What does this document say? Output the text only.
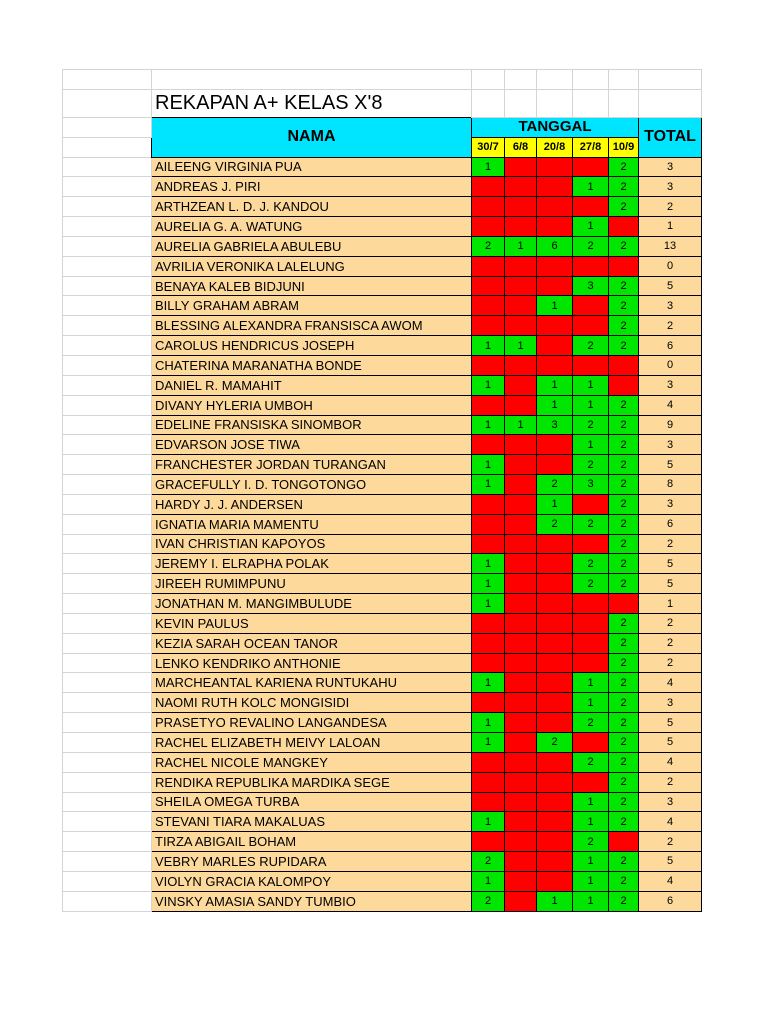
	REKAPAN A+ KELAS X'8						
	NAMA	TANGGAL					TOTAL
		30/7	6/8	20/8	27/8	10/9	
	AILEENG VIRGINIA PUA	1				2	3
	ANDREAS J. PIRI				1	2	3
	ARTHZEAN L. D. J. KANDOU					2	2
	AURELIA G. A. WATUNG				1		1
	AURELIA GABRIELA ABULEBU	2	1	6	2	2	13
	AVRILIA VERONIKA LALELUNG						0
	BENAYA KALEB BIDJUNI				3	2	5
	BILLY GRAHAM ABRAM			1		2	3
	BLESSING ALEXANDRA FRANSISCA AWOM					2	2
	CAROLUS HENDRICUS JOSEPH	1	1		2	2	6
	CHATERINA MARANATHA BONDE						0
	DANIEL R. MAMAHIT	1		1	1		3
	DIVANY HYLERIA UMBOH			1	1	2	4
	EDELINE FRANSISKA SINOMBOR	1	1	3	2	2	9
	EDVARSON JOSE TIWA				1	2	3
	FRANCHESTER JORDAN TURANGAN	1			2	2	5
	GRACEFULLY I. D. TONGOTONGO	1		2	3	2	8
	HARDY J. J. ANDERSEN			1		2	3
	IGNATIA MARIA MAMENTU			2	2	2	6
	IVAN CHRISTIAN KAPOYOS					2	2
	JEREMY I. ELRAPHA POLAK	1			2	2	5
	JIREEH RUMIMPUNU	1			2	2	5
	JONATHAN M. MANGIMBULUDE	1					1
	KEVIN PAULUS					2	2
	KEZIA SARAH OCEAN TANOR					2	2
	LENKO KENDRIKO ANTHONIE					2	2
	MARCHEANTAL KARIENA RUNTUKAHU	1			1	2	4
	NAOMI RUTH KOLC MONGISIDI				1	2	3
	PRASETYO REVALINO LANGANDESA	1			2	2	5
	RACHEL ELIZABETH MEIVY LALOAN	1		2		2	5
	RACHEL NICOLE MANGKEY				2	2	4
	RENDIKA REPUBLIKA MARDIKA SEGE					2	2
	SHEILA OMEGA TURBA				1	2	3
	STEVANI TIARA MAKALUAS	1			1	2	4
	TIRZA ABIGAIL BOHAM				2		2
	VEBRY MARLES RUPIDARA	2			1	2	5
	VIOLYN GRACIA KALOMPOY	1			1	2	4
	VINSKY AMASIA SANDY TUMBIO	2		1	1	2	6
